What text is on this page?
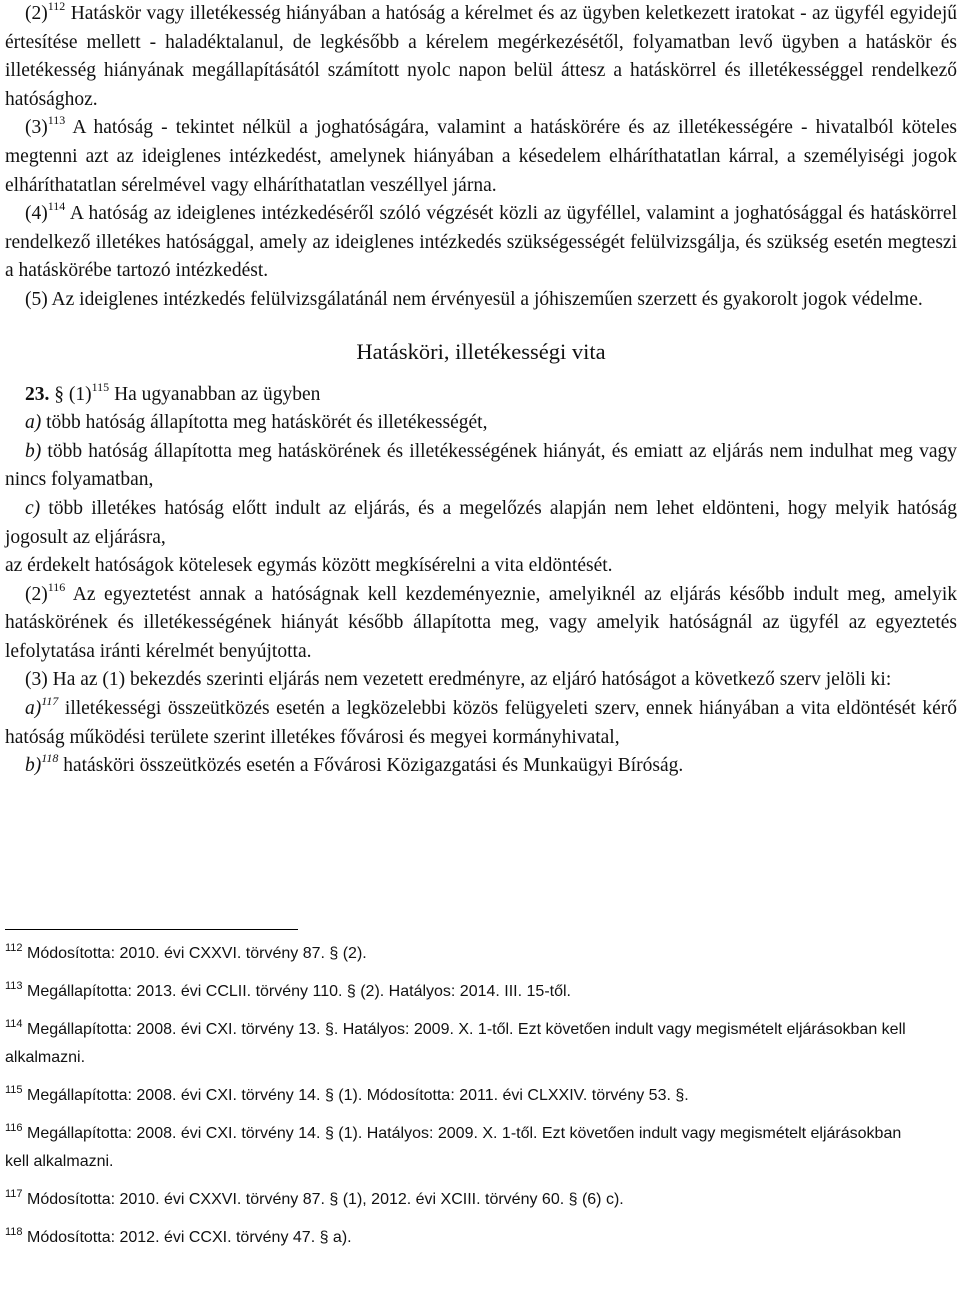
$(2)^{112}$ Hatáskör vagy illetékesség hiányában a hatóság a kérelmet és az ügyben keletkezett iratokat - az ügyfél egyidejű értesítése mellett - haladéktalanul, de legkésőbb a kérelem megérkezésétől, folyamatban levő ügyben a hatáskör és illetékesség hiányának megállapításától számított nyolc napon belül áttesz a hatáskörrel és illetékességgel rendelkező hatósághoz.

$(3)^{113}$ A hatóság - tekintet nélkül a joghatóságára, valamint a hatáskörére és az illetékességére - hivatalból köteles megtenni azt az ideiglenes intézkedést, amelynek hiányában a késedelem elháríthatatlan kárral, a személyiségi jogok elháríthatatlan sérelmével vagy elháríthatatlan veszéllyel járna.

$(4)^{114}$ A hatóság az ideiglenes intézkedéséről szóló végzését közli az ügyféllel, valamint a joghatósággal és hatáskörrel rendelkező illetékes hatósággal, amely az ideiglenes intézkedés szükségességét felülvizsgálja, és szükség esetén megteszi a hatáskörébe tartozó intézkedést.

(5) Az ideiglenes intézkedés felülvizsgálatánál nem érvényesül a jóhiszeműen szerzett és gyakorolt jogok védelme.

Hatásköri, illetékességi vita

23. § $(1)^{115}$ Ha ugyanabban az ügyben

a) több hatóság állapította meg hatáskörét és illetékességét,

b) több hatóság állapította meg hatáskörének és illetékességének hiányát, és emiatt az eljárás nem indulhat meg vagy nincs folyamatban,

c) több illetékes hatóság előtt indult az eljárás, és a megelőzés alapján nem lehet eldönteni, hogy melyik hatóság jogosult az eljárásra,

az érdekelt hatóságok kötelesek egymás között megkísérelni a vita eldöntését.

$(2)^{116}$ Az egyeztetést annak a hatóságnak kell kezdeményeznie, amelyiknél az eljárás később indult meg, amelyik hatáskörének és illetékességének hiányát később állapította meg, vagy amelyik hatóságnál az ügyfél az egyeztetés lefolytatása iránti kérelmét benyújtotta.

(3) Ha az (1) bekezdés szerinti eljárás nem vezetett eredményre, az eljáró hatóságot a következő szerv jelöli ki:

a)$^{117}$ illetékességi összeütközés esetén a legközelebbi közös felügyeleti szerv, ennek hiányában a vita eldöntését kérő hatóság működési területe szerint illetékes fővárosi és megyei kormányhivatal,

b)$^{118}$ hatásköri összeütközés esetén a Fővárosi Közigazgatási és Munkaügyi Bíróság.

$^{112}$ Módosította: 2010. évi CXXVI. törvény 87. § (2).

$^{113}$ Megállapította: 2013. évi CCLII. törvény 110. § (2). Hatályos: 2014. III. 15-től.

$^{114}$ Megállapította: 2008. évi CXI. törvény 13. §. Hatályos: 2009. X. 1-től. Ezt követően indult vagy megismételt eljárásokban kell alkalmazni.

$^{115}$ Megállapította: 2008. évi CXI. törvény 14. § (1). Módosította: 2011. évi CLXXIV. törvény 53. §.

$^{116}$ Megállapította: 2008. évi CXI. törvény 14. § (1). Hatályos: 2009. X. 1-től. Ezt követően indult vagy megismételt eljárásokban kell alkalmazni.

$^{117}$ Módosította: 2010. évi CXXVI. törvény 87. § (1), 2012. évi XCIII. törvény 60. § (6) c).

$^{118}$ Módosította: 2012. évi CCXI. törvény 47. § a).
